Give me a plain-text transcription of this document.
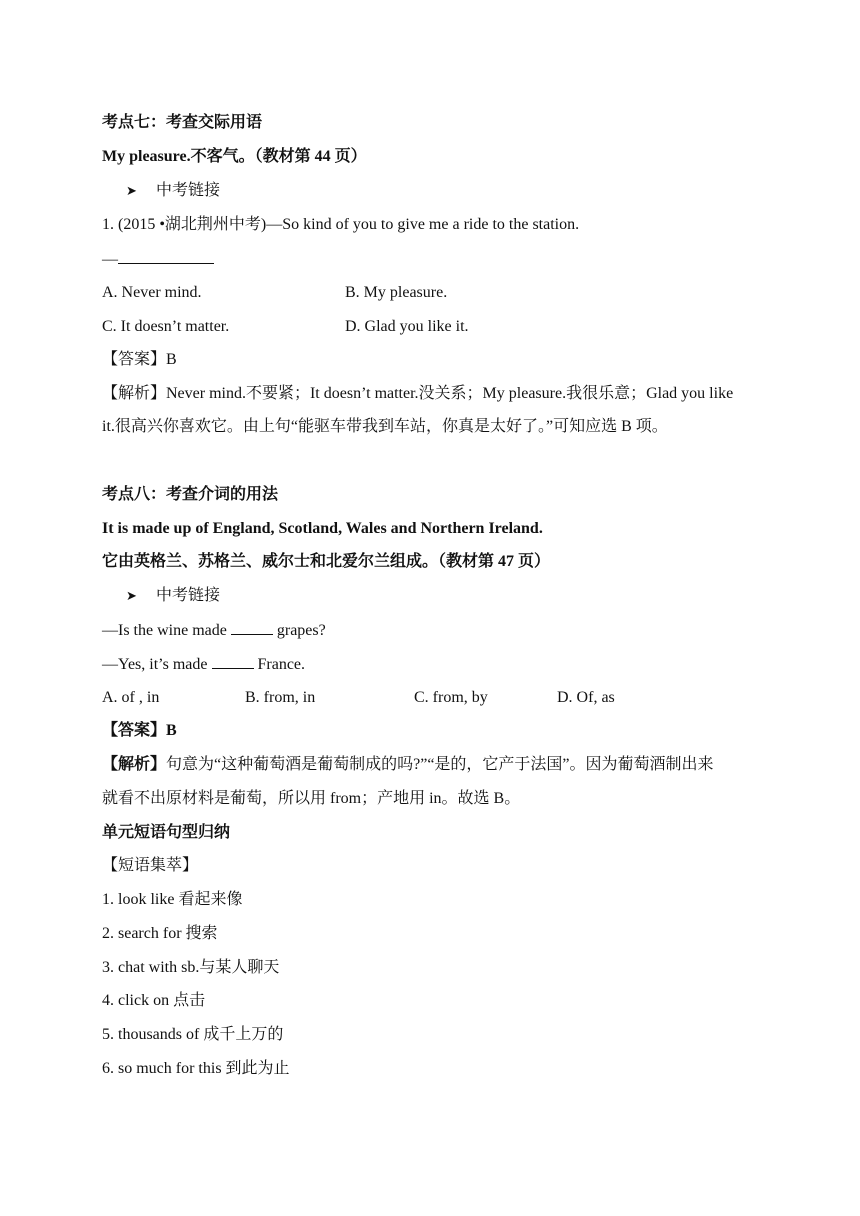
考点七：考查交际用语
My pleasure.不客气。（教材第 44 页）
➤ 中考链接
1. (2015 •湖北荆州中考)—So kind of you to give me a ride to the station.
—
A. Never mind.	B. My pleasure.
C. It doesn’t matter.	D. Glad you like it.
【答案】B
【解析】Never mind.不要紧；It doesn’t matter.没关系；My pleasure.我很乐意；Glad you like
it.很高兴你喜欢它。由上句“能驱车带我到车站，你真是太好了。”可知应选 B 项。
考点八：考查介词的用法
It is made up of England, Scotland, Wales and Northern Ireland.
它由英格兰、苏格兰、威尔士和北爱尔兰组成。（教材第 47 页）
➤ 中考链接
—Is the wine made	grapes?
—Yes, it’s made	France.
A. of , in	B. from, in	C. from, by	D. Of, as
【答案】B
【解析】句意为“这种葡萄酒是葡萄制成的吗?”“是的，它产于法国”。因为葡萄酒制出来
就看不出原材料是葡萄，所以用 from；产地用 in。故选 B。
单元短语句型归纳
【短语集萃】
1. look like 看起来像
2. search for 搜索
3. chat with sb.与某人聊天
4. click on 点击
5. thousands of 成千上万的
6. so much for this 到此为止
